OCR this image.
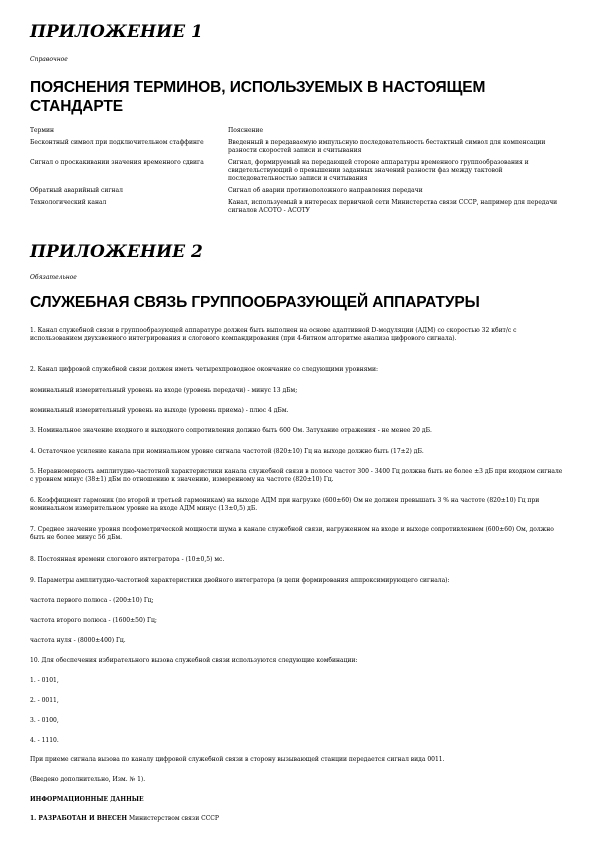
ПРИЛОЖЕНИЕ 1
Справочное
ПОЯСНЕНИЯ ТЕРМИНОВ, ИСПОЛЬЗУЕМЫХ В НАСТОЯЩЕМ СТАНДАРТЕ
Термин	Пояснение
Бесконтный символ при подключительном стаффинге	Введенный в передаваемую импульсную последовательность бестактный символ для компенсации разности скоростей записи и считывания
Сигнал о проскакивании значения временного сдвига	Сигнал, формируемый на передающей стороне аппаратуры временного группообразования и свидетельствующий о превышении заданных значений разности фаз между тактовой последовательностью записи и считывания
Обратный аварийный сигнал	Сигнал об аварии противоположного направления передачи
Технологический канал	Канал, используемый в интересах первичной сети Министерства связи СССР, например для передачи сигналов АСОТО - АСОТУ
ПРИЛОЖЕНИЕ 2
Обязательное
СЛУЖЕБНАЯ СВЯЗЬ ГРУППООБРАЗУЮЩЕЙ АППАРАТУРЫ

1. Канал служебной связи в группообразующей аппаратуре должен быть выполнен на основе адаптивной D-модуляции (АДМ) со скоростью 32 кбит/с с использованием двухзвенного интегрирования и слогового компандирования (при 4-битном алгоритме анализа цифрового сигнала).

2. Канал цифровой служебной связи должен иметь четырехпроводное окончание со следующими уровнями:

номинальный измерительный уровень на входе (уровень передачи) - минус 13 дБм;

номинальный измерительный уровень на выходе (уровень приема) - плюс 4 дБм.

3. Номинальное значение входного и выходного сопротивления должно быть 600 Ом. Затухание отражения - не менее 20 дБ.

4. Остаточное усиление канала при номинальном уровне сигнала частотой (820±10) Гц на выходе должно быть (17±2) дБ.

5. Неравномерность амплитудно-частотной характеристики канала служебной связи в полосе частот 300 - 3400 Гц должна быть не более ±3 дБ при входном сигнале с уровнем минус (38±1) дБм по отношению к значению, измеренному на частоте (820±10) Гц.

6. Коэффициент гармоник (по второй и третьей гармоникам) на выходе АДМ при нагрузке (600±60) Ом не должен превышать 3 % на частоте (820±10) Гц при номинальном измерительном уровне на входе АДМ минус (13±0,5) дБ.

7. Среднее значение уровня псофометрической мощности шума в канале служебной связи, нагруженном на входе и выходе сопротивлением (600±60) Ом, должно быть не более минус 56 дБм.

8. Постоянная времени слогового интегратора - (10±0,5) мс.

9. Параметры амплитудно-частотной характеристики двойного интегратора (в цепи формирования аппроксимирующего сигнала):

частота первого полюса - (200±10) Гц;

частота второго полюса - (1600±50) Гц;

частота нуля - (8000±400) Гц.

10. Для обеспечения избирательного вызова служебной связи используются следующие комбинации:

1. - 0101,

2. - 0011,

3. - 0100,

4. - 1110.

При приеме сигнала вызова по каналу цифровой служебной связи в сторону вызывающей станции передается сигнал вида 0011.

(Введено дополнительно, Изм. № 1).

ИНФОРМАЦИОННЫЕ ДАННЫЕ

1. РАЗРАБОТАН И ВНЕСЕН Министерством связи СССР
